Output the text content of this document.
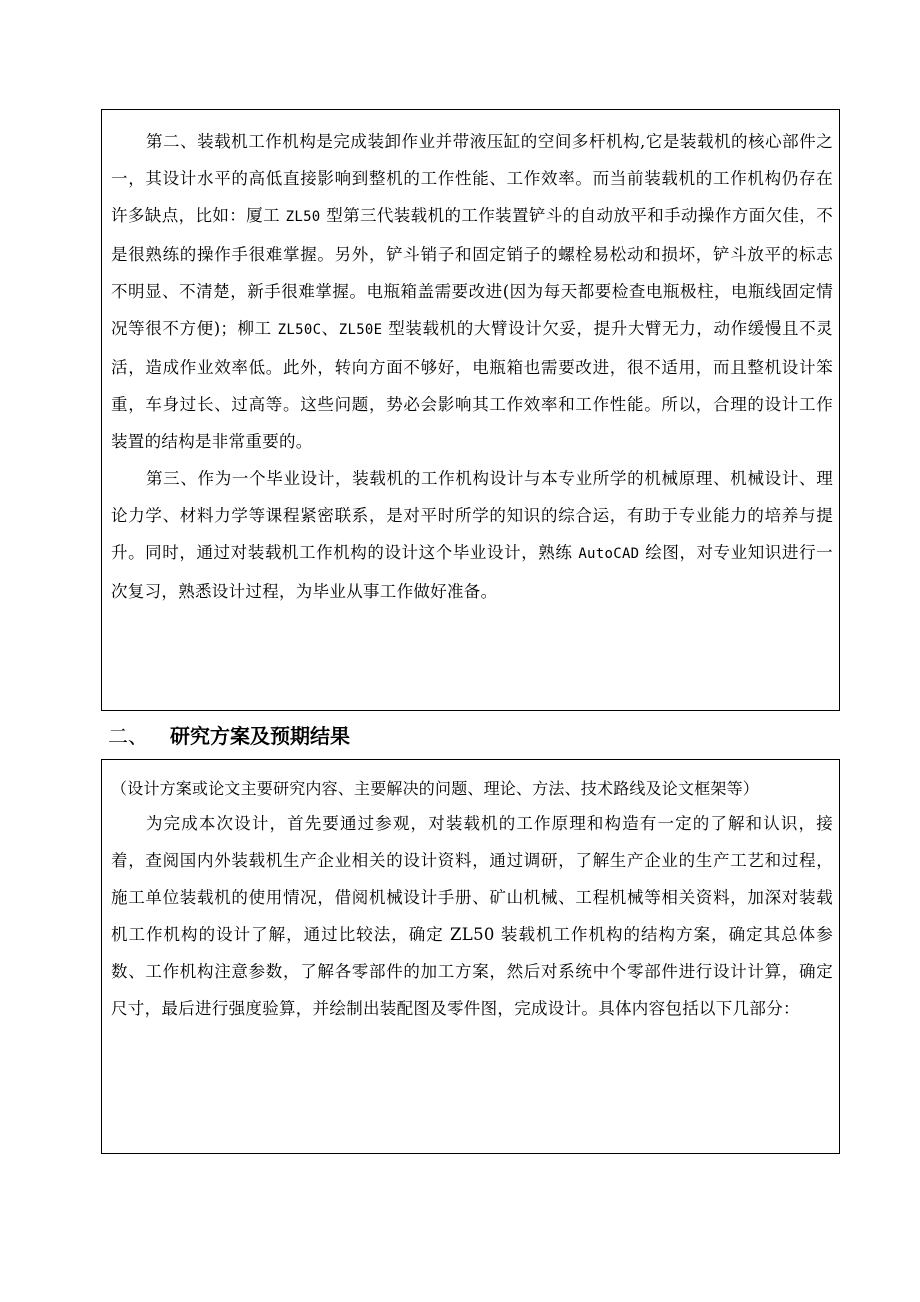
第二、装载机工作机构是完成装卸作业并带液压缸的空间多杆机构,它是装载机的核心部件之一，其设计水平的高低直接影响到整机的工作性能、工作效率。而当前装载机的工作机构仍存在许多缺点，比如：厦工 ZL50 型第三代装载机的工作装置铲斗的自动放平和手动操作方面欠佳，不是很熟练的操作手很难掌握。另外，铲斗销子和固定销子的螺栓易松动和损坏，铲斗放平的标志不明显、不清楚，新手很难掌握。电瓶箱盖需要改进(因为每天都要检查电瓶极柱，电瓶线固定情况等很不方便)；柳工 ZL50C、ZL50E 型装载机的大臂设计欠妥，提升大臂无力，动作缓慢且不灵活，造成作业效率低。此外，转向方面不够好，电瓶箱也需要改进，很不适用，而且整机设计笨重，车身过长、过高等。这些问题，势必会影响其工作效率和工作性能。所以，合理的设计工作装置的结构是非常重要的。

第三、作为一个毕业设计，装载机的工作机构设计与本专业所学的机械原理、机械设计、理论力学、材料力学等课程紧密联系，是对平时所学的知识的综合运，有助于专业能力的培养与提升。同时，通过对装载机工作机构的设计这个毕业设计，熟练 AutoCAD 绘图，对专业知识进行一次复习，熟悉设计过程，为毕业从事工作做好准备。

二、 研究方案及预期结果

（设计方案或论文主要研究内容、主要解决的问题、理论、方法、技术路线及论文框架等）

为完成本次设计，首先要通过参观，对装载机的工作原理和构造有一定的了解和认识，接着，查阅国内外装载机生产企业相关的设计资料，通过调研，了解生产企业的生产工艺和过程，施工单位装载机的使用情况，借阅机械设计手册、矿山机械、工程机械等相关资料，加深对装载机工作机构的设计了解，通过比较法，确定 ZL50 装载机工作机构的结构方案，确定其总体参数、工作机构注意参数，了解各零部件的加工方案，然后对系统中个零部件进行设计计算，确定尺寸，最后进行强度验算，并绘制出装配图及零件图，完成设计。具体内容包括以下几部分：
